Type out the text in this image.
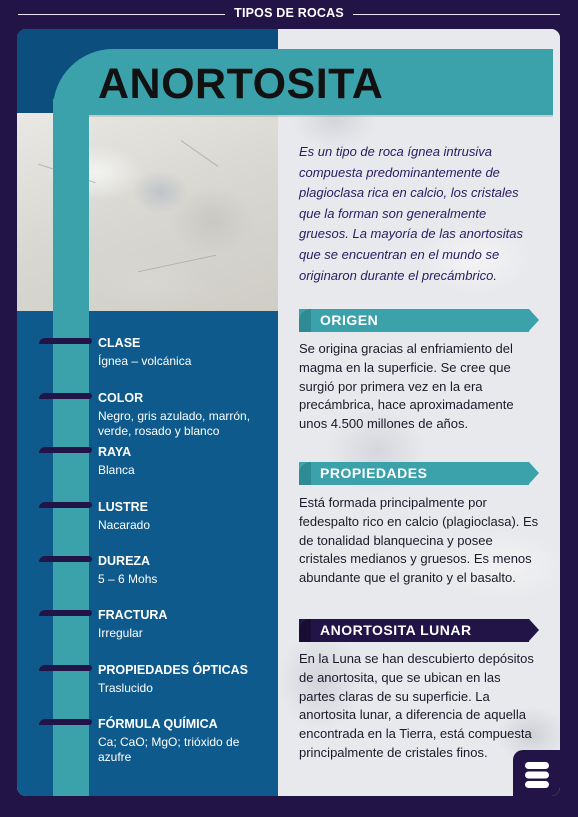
TIPOS DE ROCAS
ANORTOSITA
Es un tipo de roca ígnea intrusiva compuesta predominantemente de plagioclasa rica en calcio, los cristales que la forman son generalmente gruesos. La mayoría de las anortositas que se encuentran en el mundo se originaron durante el precámbrico.
ORIGEN
Se origina gracias al enfriamiento del magma en la superficie. Se cree que surgió por primera vez en la era precámbrica, hace aproximadamente unos 4.500 millones de años.
PROPIEDADES
Está formada principalmente por fedespalto rico en calcio (plagioclasa). Es de tonalidad blanquecina y posee cristales medianos y gruesos. Es menos abundante que el granito y el basalto.
ANORTOSITA LUNAR
En la Luna se han descubierto depósitos de anortosita, que se ubican en las partes claras de su superficie. La anortosita lunar, a diferencia de aquella encontrada en la Tierra, está compuesta principalmente de cristales finos.
CLASE
Ígnea – volcánica
COLOR
Negro, gris azulado, marrón, verde, rosado y blanco
RAYA
Blanca
LUSTRE
Nacarado
DUREZA
5 – 6 Mohs
FRACTURA
Irregular
PROPIEDADES ÓPTICAS
Traslucido
FÓRMULA QUÍMICA
Ca; CaO; MgO; trióxido de azufre
